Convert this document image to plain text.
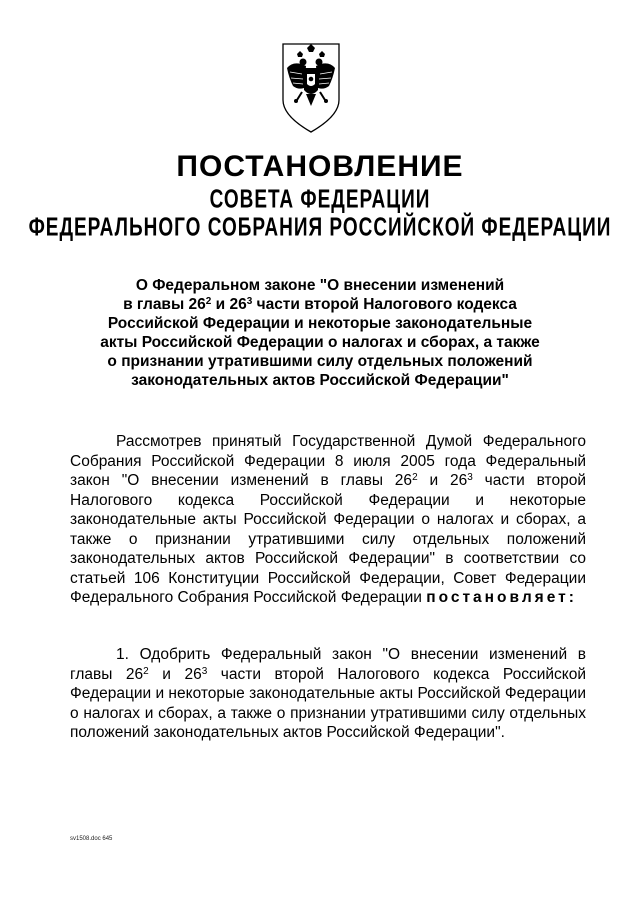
ПОСТАНОВЛЕНИЕ
СОВЕТА ФЕДЕРАЦИИ
ФЕДЕРАЛЬНОГО СОБРАНИЯ РОССИЙСКОЙ ФЕДЕРАЦИИ
О Федеральном законе "О внесении изменений
в главы $26^2$ и $26^3$ части второй Налогового кодекса
Российской Федерации и некоторые законодательные
акты Российской Федерации о налогах и сборах, а также
о признании утратившими силу отдельных положений
законодательных актов Российской Федерации"
Рассмотрев принятый Государственной Думой Федерального Собрания Российской Федерации 8 июля 2005 года Федеральный закон "О внесении изменений в главы $26^2$ и $26^3$ части второй Налогового кодекса Российской Федерации и некоторые законодательные акты Российской Федерации о налогах и сборах, а также о признании утратившими силу отдельных положений законодательных актов Российской Федерации" в соответствии со статьей 106 Конституции Российской Федерации, Совет Федерации Федерального Собрания Российской Федерации постановляет:
1. Одобрить Федеральный закон "О внесении изменений в главы $26^2$ и $26^3$ части второй Налогового кодекса Российской Федерации и некоторые законодательные акты Российской Федерации о налогах и сборах, а также о признании утратившими силу отдельных положений законодательных актов Российской Федерации".
sv1508.doc 645
